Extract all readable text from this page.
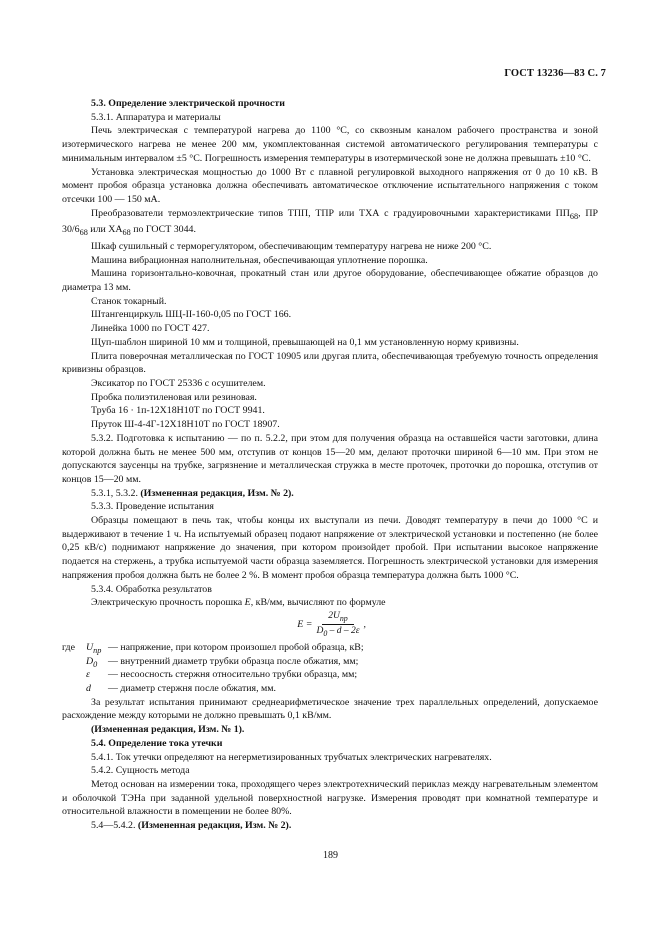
ГОСТ 13236—83 С. 7

5.3. Определение электрической прочности

5.3.1. Аппаратура и материалы

Печь электрическая с температурой нагрева до 1100 °С, со сквозным каналом рабочего пространства и зоной изотермического нагрева не менее 200 мм, укомплектованная системой автоматического регулирования температуры с минимальным интервалом ±5 °С. Погрешность измерения температуры в изотермической зоне не должна превышать ±10 °С.

Установка электрическая мощностью до 1000 Вт с плавной регулировкой выходного напряжения от 0 до 10 кВ. В момент пробоя образца установка должна обеспечивать автоматическое отключение испытательного напряжения с током отсечки 100 — 150 мА.

Преобразователи термоэлектрические типов ТПП, ТПР или ТХА с градуировочными характеристиками $ПП_{68}$, ПР $30/6_{68}$ или $ХА_{68}$ по ГОСТ 3044.

Шкаф сушильный с терморегулятором, обеспечивающим температуру нагрева не ниже 200 °С.

Машина вибрационная наполнительная, обеспечивающая уплотнение порошка.

Машина горизонтально-ковочная, прокатный стан или другое оборудование, обеспечивающее обжатие образцов до диаметра 13 мм.

Станок токарный.

Штангенциркуль ШЦ-II-160-0,05 по ГОСТ 166.

Линейка 1000 по ГОСТ 427.

Щуп-шаблон шириной 10 мм и толщиной, превышающей на 0,1 мм установленную норму кривизны.

Плита поверочная металлическая по ГОСТ 10905 или другая плита, обеспечивающая требуемую точность определения кривизны образцов.

Эксикатор по ГОСТ 25336 с осушителем.

Пробка полиэтиленовая или резиновая.

Труба 16 · 1п-12Х18Н10Т по ГОСТ 9941.

Пруток Ш-4-4Г-12Х18Н10Т по ГОСТ 18907.

5.3.2. Подготовка к испытанию — по п. 5.2.2, при этом для получения образца на оставшейся части заготовки, длина которой должна быть не менее 500 мм, отступив от концов 15—20 мм, делают проточки шириной 6—10 мм. При этом не допускаются заусенцы на трубке, загрязнение и металлическая стружка в месте проточек, проточки до порошка, отступив от концов 15—20 мм.

5.3.1, 5.3.2. (Измененная редакция, Изм. № 2).

5.3.3. Проведение испытания

Образцы помещают в печь так, чтобы концы их выступали из печи. Доводят температуру в печи до 1000 °С и выдерживают в течение 1 ч. На испытуемый образец подают напряжение от электрической установки и постепенно (не более 0,25 кВ/с) поднимают напряжение до значения, при котором произойдет пробой. При испытании высокое напряжение подается на стержень, а трубка испытуемой части образца заземляется. Погрешность электрической установки для измерения напряжения пробоя должна быть не более 2 %. В момент пробоя образца температура должна быть 1000 °С.

5.3.4. Обработка результатов

Электрическую прочность порошка E, кВ/мм, вычисляют по формуле

$E = \frac{2U_{пр}}{D_0 - d - 2\varepsilon}$ ,
где	$U_{пр}$ — напряжение, при котором произошел пробой образца, кВ;
$D_0$	— внутренний диаметр трубки образца после обжатия, мм;
ε	— несоосность стержня относительно трубки образца, мм;
d	— диаметр стержня после обжатия, мм.

За результат испытания принимают среднеарифметическое значение трех параллельных определений, допускаемое расхождение между которыми не должно превышать 0,1 кВ/мм.

(Измененная редакция, Изм. № 1).

5.4. Определение тока утечки

5.4.1. Ток утечки определяют на негерметизированных трубчатых электрических нагревателях.

5.4.2. Сущность метода

Метод основан на измерении тока, проходящего через электротехнический периклаз между нагревательным элементом и оболочкой ТЭНа при заданной удельной поверхностной нагрузке. Измерения проводят при комнатной температуре и относительной влажности в помещении не более 80%.

5.4—5.4.2. (Измененная редакция, Изм. № 2).

189
